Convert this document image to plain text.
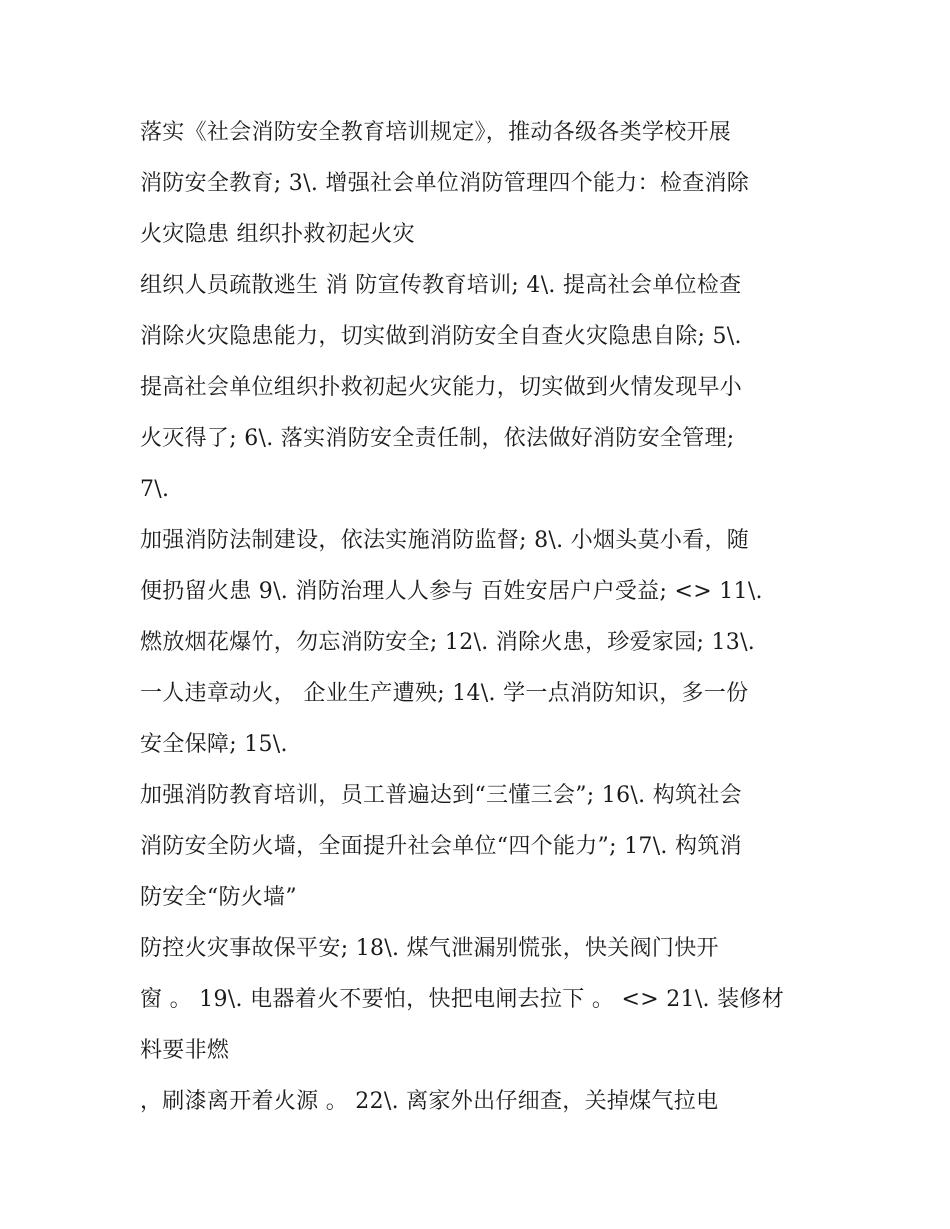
落实《社会消防安全教育培训规定》，推动各级各类学校开展
消防安全教育; 3\. 增强社会单位消防管理四个能力：检查消除
火灾隐患 组织扑救初起火灾
组织人员疏散逃生 消 防宣传教育培训; 4\. 提高社会单位检查
消除火灾隐患能力，切实做到消防安全自查火灾隐患自除; 5\.
提高社会单位组织扑救初起火灾能力，切实做到火情发现早小
火灭得了; 6\. 落实消防安全责任制，依法做好消防安全管理;
7\.
加强消防法制建设，依法实施消防监督; 8\. 小烟头莫小看，随
便扔留火患 9\. 消防治理人人参与 百姓安居户户受益; <> 11\.
燃放烟花爆竹，勿忘消防安全; 12\. 消除火患，珍爱家园; 13\.
一人违章动火， 企业生产遭殃; 14\. 学一点消防知识，多一份
安全保障; 15\.
加强消防教育培训，员工普遍达到“三懂三会”; 16\. 构筑社会
消防安全防火墙，全面提升社会单位“四个能力”; 17\. 构筑消
防安全“防火墙”
防控火灾事故保平安; 18\. 煤气泄漏别慌张，快关阀门快开
窗 。 19\. 电器着火不要怕，快把电闸去拉下 。 <> 21\. 装修材
料要非燃
，刷漆离开着火源 。 22\. 离家外出仔细查，关掉煤气拉电
